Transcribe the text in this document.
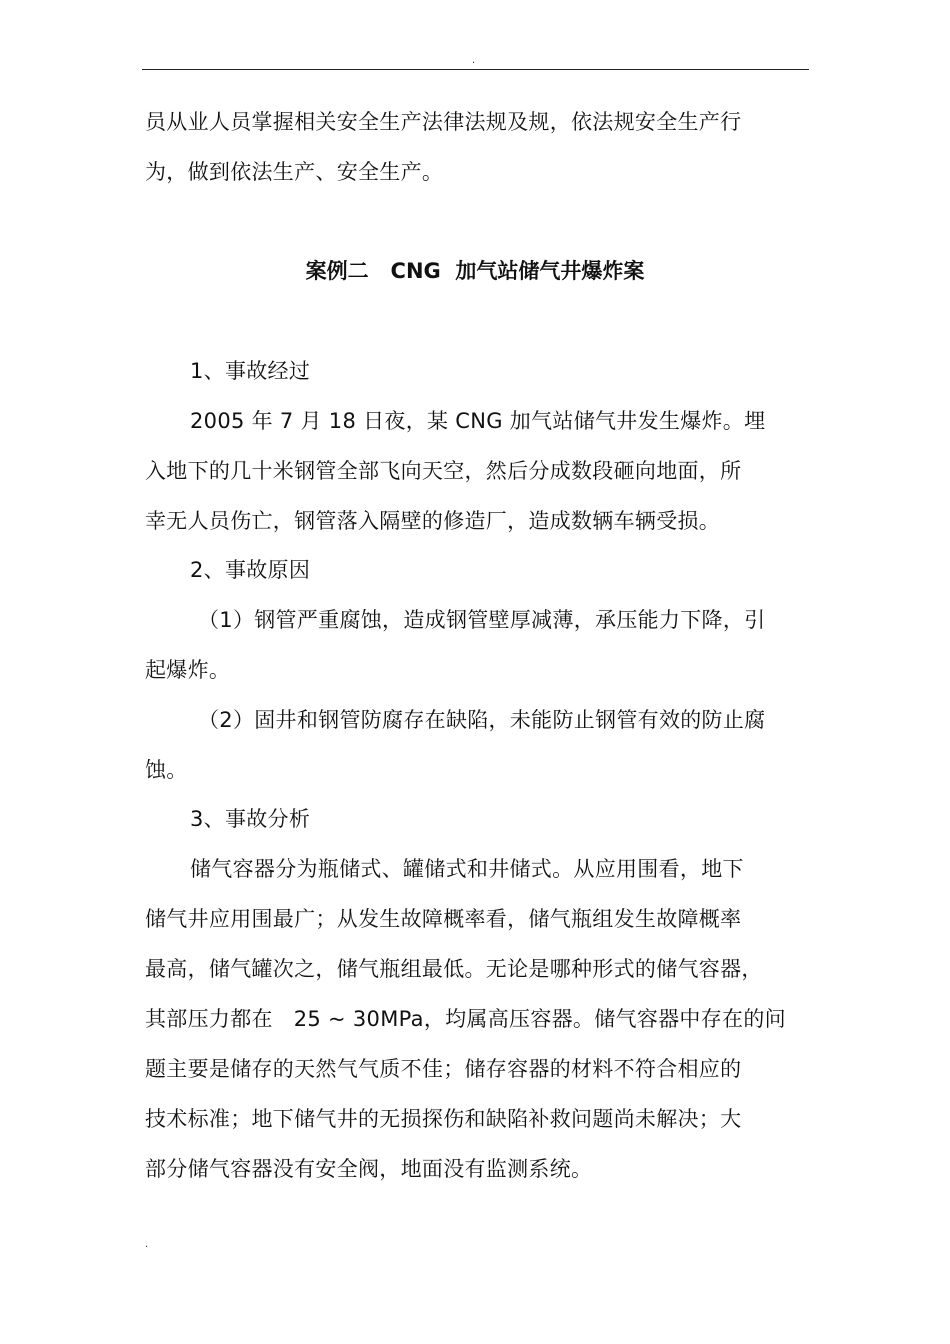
.
员从业人员掌握相关安全生产法律法规及规，依法规安全生产行
为，做到依法生产、安全生产。
案例二   CNG  加气站储气井爆炸案
1、事故经过
2005 年 7 月 18 日夜，某 CNG 加气站储气井发生爆炸。埋
入地下的几十米钢管全部飞向天空，然后分成数段砸向地面，所
幸无人员伤亡，钢管落入隔壁的修造厂，造成数辆车辆受损。
2、事故原因
（1）钢管严重腐蚀，造成钢管壁厚减薄，承压能力下降，引
起爆炸。
（2）固井和钢管防腐存在缺陷，未能防止钢管有效的防止腐
蚀。
3、事故分析
储气容器分为瓶储式、罐储式和井储式。从应用围看，地下
储气井应用围最广；从发生故障概率看，储气瓶组发生故障概率
最高，储气罐次之，储气瓶组最低。无论是哪种形式的储气容器，
其部压力都在   25 ~ 30MPa，均属高压容器。储气容器中存在的问
题主要是储存的天然气气质不佳；储存容器的材料不符合相应的
技术标准；地下储气井的无损探伤和缺陷补救问题尚未解决；大
部分储气容器没有安全阀，地面没有监测系统。
.
